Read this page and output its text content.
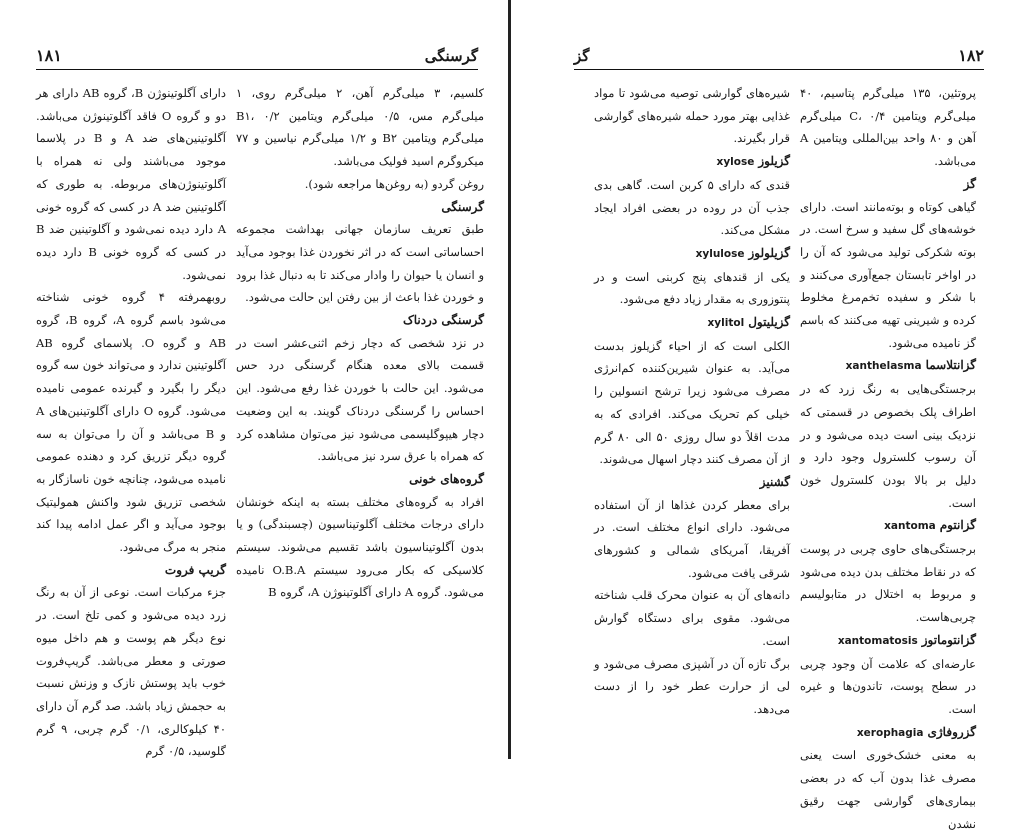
۱۸۱	گرسنگی
کلسیم، ۳ میلی‌گرم آهن، ۲ میلی‌گرم روی، ۱ میلی‌گرم مس، ۰/۵ میلی‌گرم ویتامین B۱، ۰/۲ میلی‌گرم ویتامین B۲ و ۱/۲ میلی‌گرم نیاسین و ۷۷ میکروگرم اسید فولیک می‌باشد.
روغن گردو (به روغن‌ها مراجعه شود).
گرسنگی
طبق تعریف سازمان جهانی بهداشت مجموعه احساساتی است که در اثر نخوردن غذا بوجود می‌آید و انسان یا حیوان را وادار می‌کند تا به دنبال غذا برود و خوردن غذا باعث از بین رفتن این حالت می‌شود.
گرسنگی دردناک
در نزد شخصی که دچار زخم اثنی‌عشر است در قسمت بالای معده هنگام گرسنگی درد حس می‌شود. این حالت با خوردن غذا رفع می‌شود. این احساس را گرسنگی دردناک گویند. به این وضعیت دچار هیپوگلیسمی می‌شود نیز می‌توان مشاهده کرد که همراه با عرق سرد نیز می‌باشد.
گروه‌های خونی
افراد به گروه‌های مختلف بسته به اینکه خونشان دارای درجات مختلف آگلوتیناسیون (چسبندگی) و یا بدون آگلوتیناسیون باشد تقسیم می‌شوند. سیستم کلاسیکی که بکار می‌رود سیستم O.B.A نامیده می‌شود. گروه A دارای آگلوتینوژن A، گروه B
دارای آگلوتینوژن B، گروه AB دارای هر دو و گروه O فاقد آگلوتینوژن می‌باشد. آگلوتینین‌های ضد A و B در پلاسما موجود می‌باشند ولی نه همراه با آگلوتینوژن‌های مربوطه. به طوری که آگلوتینین ضد A در کسی که گروه خونی A دارد دیده نمی‌شود و آگلوتینین ضد B در کسی که گروه خونی B دارد دیده نمی‌شود.
روبهمرفته ۴ گروه خونی شناخته می‌شود باسم گروه A، گروه B، گروه AB و گروه O. پلاسمای گروه AB آگلوتینین ندارد و می‌تواند خون سه گروه دیگر را بگیرد و گیرنده عمومی نامیده می‌شود. گروه O دارای آگلوتینین‌های A و B می‌باشد و آن را می‌توان به سه گروه دیگر تزریق کرد و دهنده عمومی نامیده می‌شود، چنانچه خون ناسازگار به شخصی تزریق شود واکنش همولیتیک بوجود می‌آید و اگر عمل ادامه پیدا کند منجر به مرگ می‌شود.
گریپ فروت
جزء مرکبات است. نوعی از آن به رنگ زرد دیده می‌شود و کمی تلخ است. در نوع دیگر هم پوست و هم داخل میوه صورتی و معطر می‌باشد. گریپ‌فروت خوب باید پوستش نازک و وزنش نسبت به حجمش زیاد باشد. صد گرم آن دارای ۴۰ کیلوکالری، ۰/۱ گرم چربی، ۹ گرم گلوسید، ۰/۵ گرم
۱۸۲
گز
پروتئین، ۱۳۵ میلی‌گرم پتاسیم، ۴۰ میلی‌گرم ویتامین C، ۰/۴ میلی‌گرم آهن و ۸۰ واحد بین‌المللی ویتامین A می‌باشد.
گز
گیاهی کوتاه و بوته‌مانند است. دارای خوشه‌های گل سفید و سرخ است. در بوته شکرکی تولید می‌شود که آن را در اواخر تابستان جمع‌آوری می‌کنند و با شکر و سفیده تخم‌مرغ مخلوط کرده و شیرینی تهیه می‌کنند که باسم گز نامیده می‌شود.
گزانتلاسماxanthelasma
برجستگی‌هایی به رنگ زرد که در اطراف پلک بخصوص در قسمتی که نزدیک بینی است دیده می‌شود و در آن رسوب کلسترول وجود دارد و دلیل بر بالا بودن کلسترول خون است.
گزانتومxantoma
برجستگی‌های حاوی چربی در پوست که در نقاط مختلف بدن دیده می‌شود و مربوط به اختلال در متابولیسم چربی‌هاست.
گزانتوماتوزxantomatosis
عارضه‌ای که علامت آن وجود چربی در سطح پوست، تاندون‌ها و غیره است.
گزروفاژیxerophagia
به معنی خشک‌خوری است یعنی مصرف غذا بدون آب که در بعضی بیماری‌های گوارشی جهت رقیق نشدن
شیره‌های گوارشی توصیه می‌شود تا مواد غذایی بهتر مورد حمله شیره‌های گوارشی قرار بگیرند.
گزیلوزxylose
قندی که دارای ۵ کربن است. گاهی بدی جذب آن در روده در بعضی افراد ایجاد مشکل می‌کند.
گزیلولوزxylulose
یکی از قندهای پنج کربنی است و در پنتوزوری به مقدار زیاد دفع می‌شود.
گزیلیتولxylitol
الکلی است که از احیاء گزیلوز بدست می‌آید. به عنوان شیرین‌کننده کم‌انرژی مصرف می‌شود زیرا ترشح انسولین را خیلی کم تحریک می‌کند. افرادی که به مدت اقلاً دو سال روزی ۵۰ الی ۸۰ گرم از آن مصرف کنند دچار اسهال می‌شوند.
گشنیز
برای معطر کردن غذاها از آن استفاده می‌شود. دارای انواع مختلف است. در آفریقا، آمریکای شمالی و کشورهای شرقی یافت می‌شود.
دانه‌های آن به عنوان محرک قلب شناخته می‌شود. مقوی برای دستگاه گوارش است.
برگ تازه آن در آشپزی مصرف می‌شود و لی از حرارت عطر خود را از دست می‌دهد.
